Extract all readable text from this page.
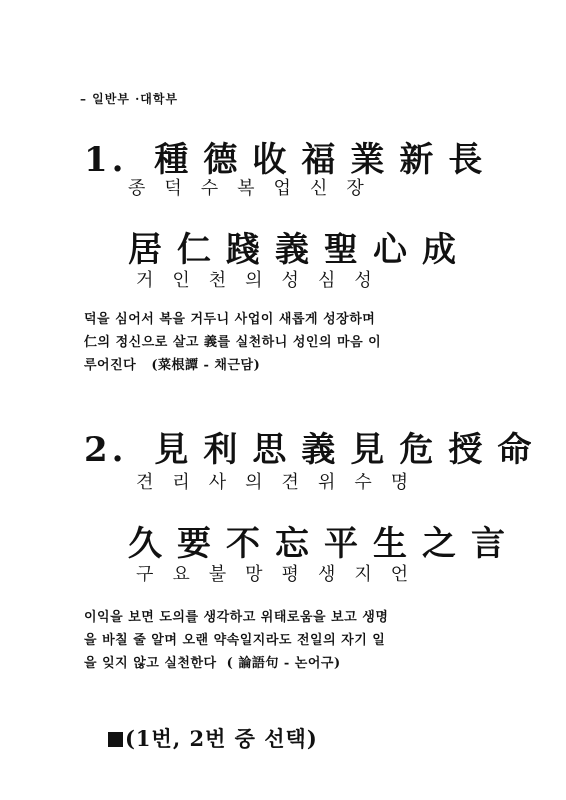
– 일반부 ·대학부
1. 種德收福業新長
종덕수복업신장
居仁踐義聖心成
거인천의성심성

덕을 심어서 복을 거두니 사업이 새롭게 성장하며

仁의 정신으로 살고 義를 실천하니 성인의 마음 이

루어진다 (菜根譚 - 채근담)

2. 見利思義見危授命
견리사의견위수명
久要不忘平生之言
구요불망평생지언

이익을 보면 도의를 생각하고 위태로움을 보고 생명

을 바칠 줄 알며 오랜 약속일지라도 전일의 자기 일

을 잊지 않고 실천한다 ( 論語句 - 논어구)

(1번, 2번 중 선택)
